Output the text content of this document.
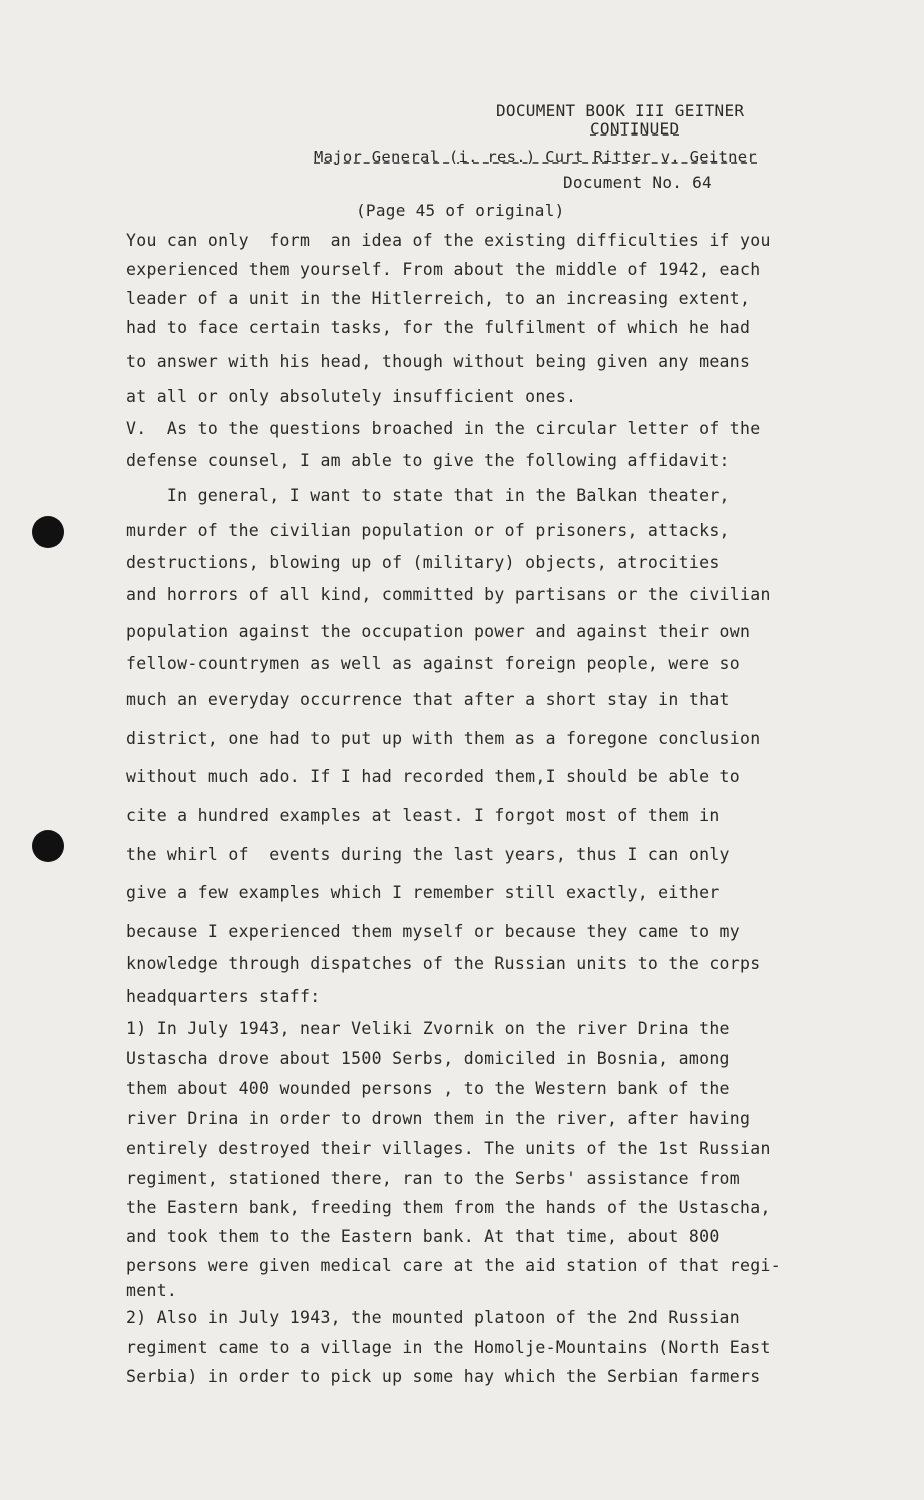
DOCUMENT BOOK III GEITNER

CONTINUED

Major General (i. res.) Curt Ritter v. Geitner

Document No. 64

(Page 45 of original)

You can only  form  an idea of the existing difficulties if you

experienced them yourself. From about the middle of 1942, each

leader of a unit in the Hitlerreich, to an increasing extent,

had to face certain tasks, for the fulfilment of which he had

to answer with his head, though without being given any means

at all or only absolutely insufficient ones.

V.  As to the questions broached in the circular letter of the

defense counsel, I am able to give the following affidavit:

In general, I want to state that in the Balkan theater,

murder of the civilian population or of prisoners, attacks,

destructions, blowing up of (military) objects, atrocities

and horrors of all kind, committed by partisans or the civilian

population against the occupation power and against their own

fellow-countrymen as well as against foreign people, were so

much an everyday occurrence that after a short stay in that

district, one had to put up with them as a foregone conclusion

without much ado. If I had recorded them,I should be able to

cite a hundred examples at least. I forgot most of them in

the whirl of  events during the last years, thus I can only

give a few examples which I remember still exactly, either

because I experienced them myself or because they came to my

knowledge through dispatches of the Russian units to the corps

headquarters staff:

1) In July 1943, near Veliki Zvornik on the river Drina the

Ustascha drove about 1500 Serbs, domiciled in Bosnia, among

them about 400 wounded persons , to the Western bank of the

river Drina in order to drown them in the river, after having

entirely destroyed their villages. The units of the 1st Russian

regiment, stationed there, ran to the Serbs' assistance from

the Eastern bank, freeding them from the hands of the Ustascha,

and took them to the Eastern bank. At that time, about 800

persons were given medical care at the aid station of that regi-

ment.

2) Also in July 1943, the mounted platoon of the 2nd Russian

regiment came to a village in the Homolje-Mountains (North East

Serbia) in order to pick up some hay which the Serbian farmers
